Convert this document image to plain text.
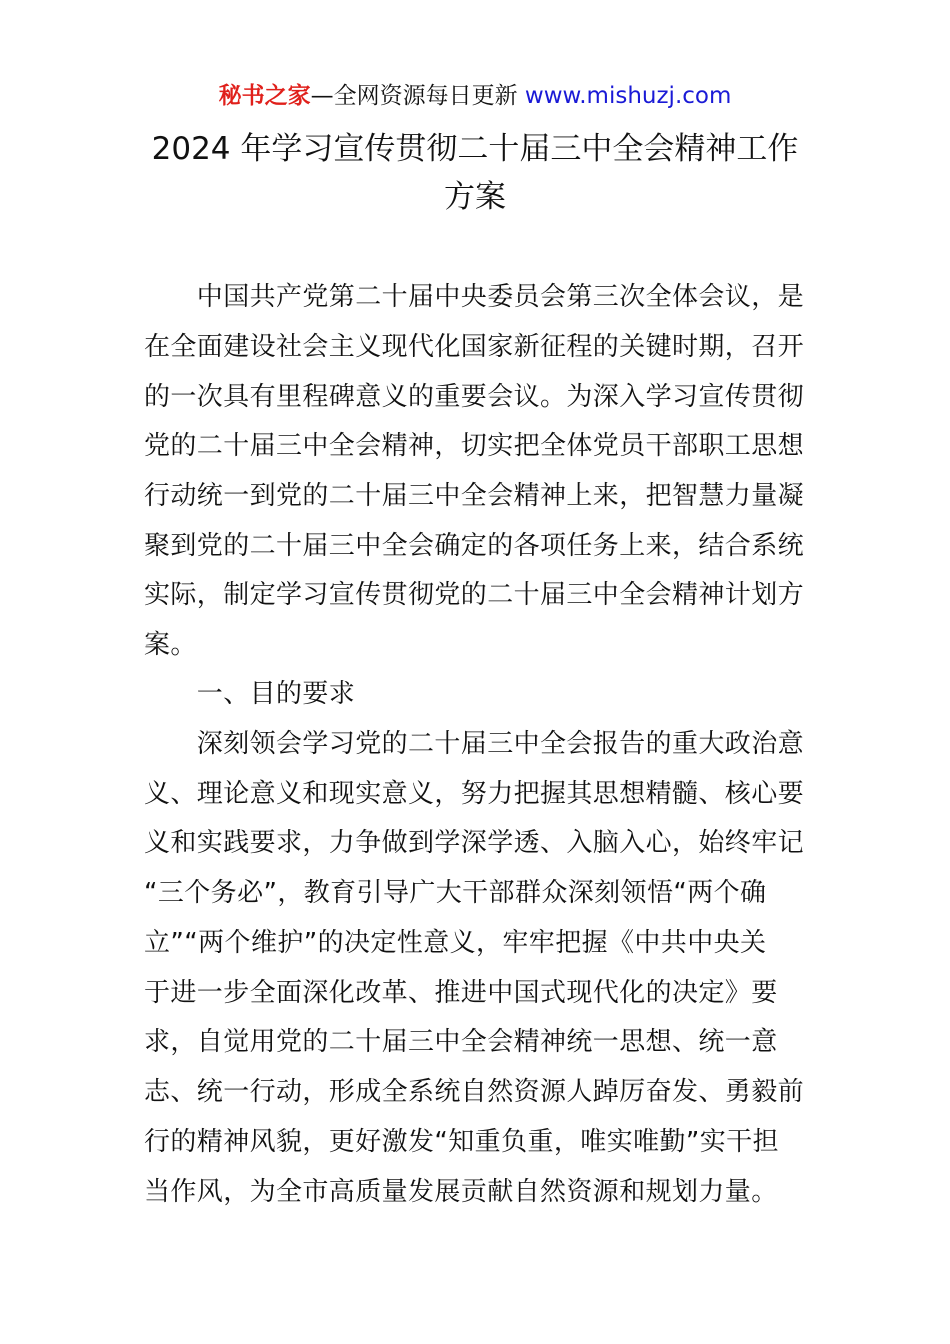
秘书之家—全网资源每日更新 www.mishuzj.com
2024 年学习宣传贯彻二十届三中全会精神工作
方案
　　中国共产党第二十届中央委员会第三次全体会议，是
在全面建设社会主义现代化国家新征程的关键时期，召开
的一次具有里程碑意义的重要会议。为深入学习宣传贯彻
党的二十届三中全会精神，切实把全体党员干部职工思想
行动统一到党的二十届三中全会精神上来，把智慧力量凝
聚到党的二十届三中全会确定的各项任务上来，结合系统
实际，制定学习宣传贯彻党的二十届三中全会精神计划方
案。
　　一、目的要求
　　深刻领会学习党的二十届三中全会报告的重大政治意
义、理论意义和现实意义，努力把握其思想精髓、核心要
义和实践要求，力争做到学深学透、入脑入心，始终牢记
“三个务必”，教育引导广大干部群众深刻领悟“两个确
立”“两个维护”的决定性意义，牢牢把握《中共中央关
于进一步全面深化改革、推进中国式现代化的决定》要
求，自觉用党的二十届三中全会精神统一思想、统一意
志、统一行动，形成全系统自然资源人踔厉奋发、勇毅前
行的精神风貌，更好激发“知重负重，唯实唯勤”实干担
当作风，为全市高质量发展贡献自然资源和规划力量。
